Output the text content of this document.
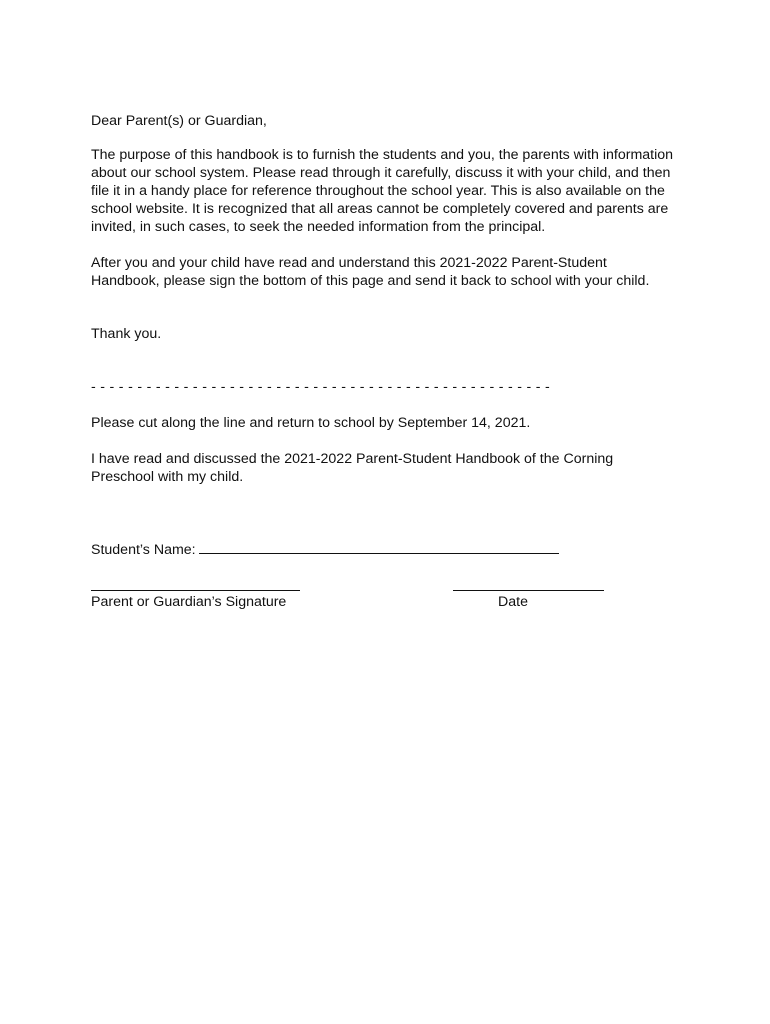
Dear Parent(s) or Guardian,

The purpose of this handbook is to furnish the students and you, the parents with information
about our school system. Please read through it carefully, discuss it with your child, and then
file it in a handy place for reference throughout the school year. This is also available on the
school website. It is recognized that all areas cannot be completely covered and parents are
invited, in such cases, to seek the needed information from the principal.
After you and your child have read and understand this 2021-2022 Parent-Student
Handbook, please sign the bottom of this page and send it back to school with your child.

Thank you.

- - - - - - - - - - - - - - - - - - - - - - - - - - - - - - - - - - - - - - - - - - - - - - - - - -

Please cut along the line and return to school by September 14, 2021.

I have read and discussed the 2021-2022 Parent-Student Handbook of the Corning
Preschool with my child.
Student’s Name:
Parent or Guardian’s Signature	Date
